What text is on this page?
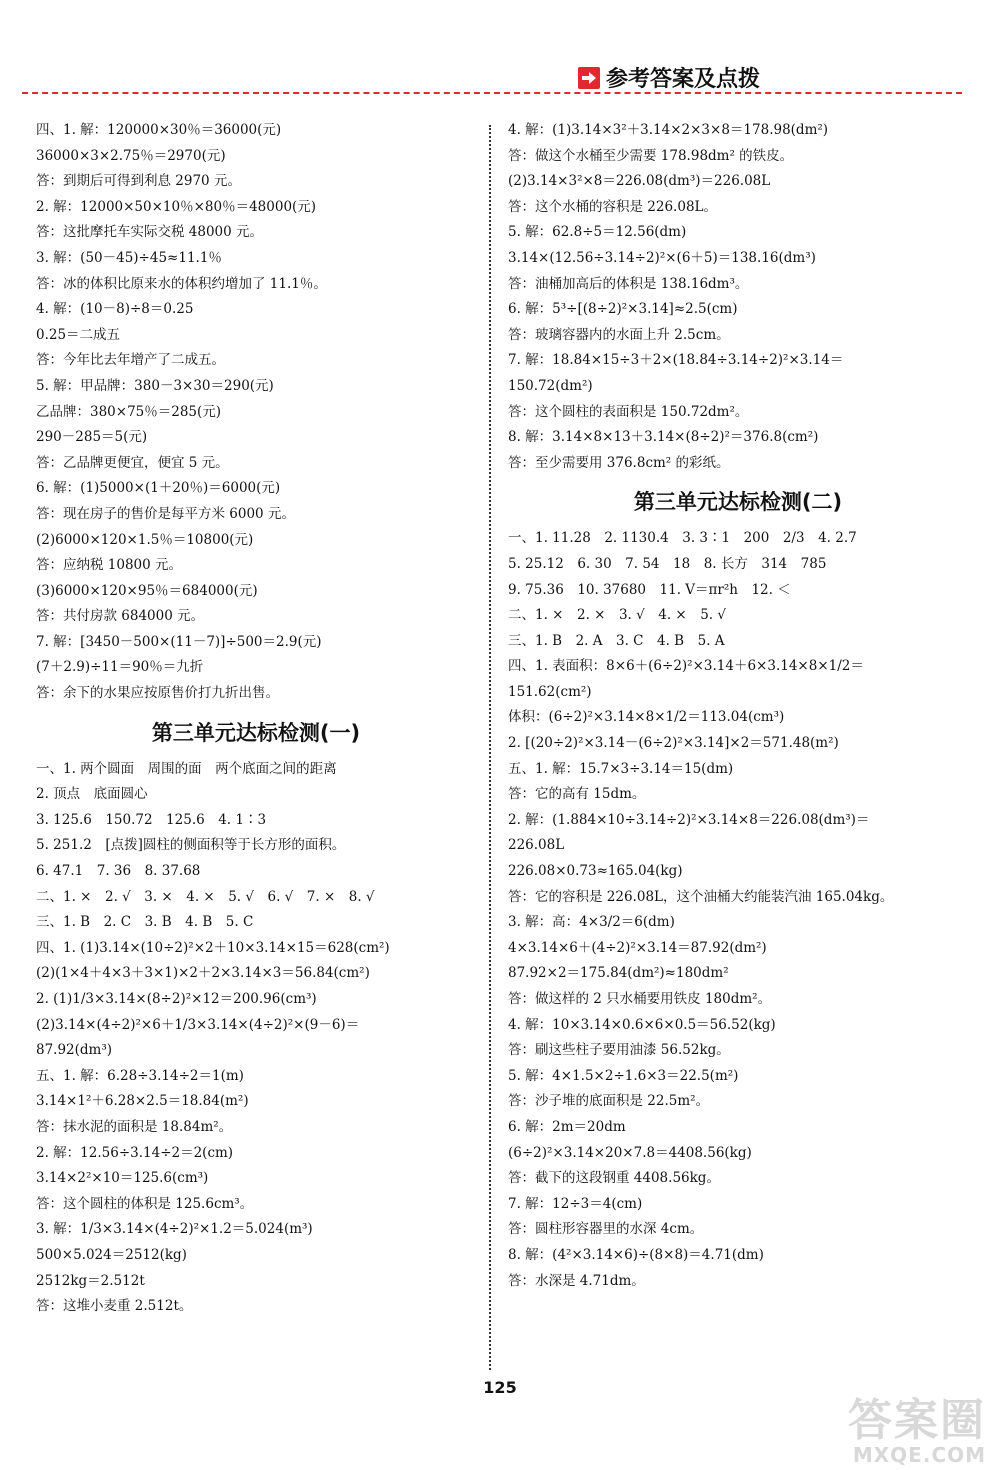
参考答案及点拨
四、1. 解：120000×30％＝36000(元)
36000×3×2.75％＝2970(元)
答：到期后可得到利息 2970 元。
2. 解：12000×50×10％×80％＝48000(元)
答：这批摩托车实际交税 48000 元。
3. 解：(50－45)÷45≈11.1％
答：冰的体积比原来水的体积约增加了 11.1％。
4. 解：(10－8)÷8＝0.25
0.25＝二成五
答：今年比去年增产了二成五。
5. 解：甲品牌：380－3×30＝290(元)
乙品牌：380×75％＝285(元)
290－285＝5(元)
答：乙品牌更便宜，便宜 5 元。
6. 解：(1)5000×(1＋20％)＝6000(元)
答：现在房子的售价是每平方米 6000 元。
(2)6000×120×1.5％＝10800(元)
答：应纳税 10800 元。
(3)6000×120×95％＝684000(元)
答：共付房款 684000 元。
7. 解：[3450－500×(11－7)]÷500＝2.9(元)
(7＋2.9)÷11＝90％＝九折
答：余下的水果应按原售价打九折出售。
第三单元达标检测(一)
一、1. 两个圆面　周围的面　两个底面之间的距离
2. 顶点　底面圆心
3. 125.6　150.72　125.6　4. 1∶3
5. 251.2　[点拨]圆柱的侧面积等于长方形的面积。
6. 47.1　7. 36　8. 37.68
二、1. ×　2. √　3. ×　4. ×　5. √　6. √　7. ×　8. √
三、1. B　2. C　3. B　4. B　5. C
四、1. (1)3.14×(10÷2)²×2＋10×3.14×15＝628(cm²)
(2)(1×4＋4×3＋3×1)×2＋2×3.14×3＝56.84(cm²)
2. (1)1/3×3.14×(8÷2)²×12＝200.96(cm³)
(2)3.14×(4÷2)²×6＋1/3×3.14×(4÷2)²×(9－6)＝
87.92(dm³)
五、1. 解：6.28÷3.14÷2＝1(m)
3.14×1²＋6.28×2.5＝18.84(m²)
答：抹水泥的面积是 18.84m²。
2. 解：12.56÷3.14÷2＝2(cm)
3.14×2²×10＝125.6(cm³)
答：这个圆柱的体积是 125.6cm³。
3. 解：1/3×3.14×(4÷2)²×1.2＝5.024(m³)
500×5.024＝2512(kg)
2512kg＝2.512t
答：这堆小麦重 2.512t。
4. 解：(1)3.14×3²＋3.14×2×3×8＝178.98(dm²)
答：做这个水桶至少需要 178.98dm² 的铁皮。
(2)3.14×3²×8＝226.08(dm³)＝226.08L
答：这个水桶的容积是 226.08L。
5. 解：62.8÷5＝12.56(dm)
3.14×(12.56÷3.14÷2)²×(6＋5)＝138.16(dm³)
答：油桶加高后的体积是 138.16dm³。
6. 解：5³÷[(8÷2)²×3.14]≈2.5(cm)
答：玻璃容器内的水面上升 2.5cm。
7. 解：18.84×15÷3＋2×(18.84÷3.14÷2)²×3.14＝
150.72(dm²)
答：这个圆柱的表面积是 150.72dm²。
8. 解：3.14×8×13＋3.14×(8÷2)²＝376.8(cm²)
答：至少需要用 376.8cm² 的彩纸。
第三单元达标检测(二)
一、1. 11.28　2. 1130.4　3. 3∶1　200　2/3　4. 2.7
5. 25.12　6. 30　7. 54　18　8. 长方　314　785
9. 75.36　10. 37680　11. V＝πr²h　12. ＜
二、1. ×　2. ×　3. √　4. ×　5. √
三、1. B　2. A　3. C　4. B　5. A
四、1. 表面积：8×6＋(6÷2)²×3.14＋6×3.14×8×1/2＝
151.62(cm²)
体积：(6÷2)²×3.14×8×1/2＝113.04(cm³)
2. [(20÷2)²×3.14－(6÷2)²×3.14]×2＝571.48(m²)
五、1. 解：15.7×3÷3.14＝15(dm)
答：它的高有 15dm。
2. 解：(1.884×10÷3.14÷2)²×3.14×8＝226.08(dm³)＝
226.08L
226.08×0.73≈165.04(kg)
答：它的容积是 226.08L，这个油桶大约能装汽油 165.04kg。
3. 解：高：4×3/2＝6(dm)
4×3.14×6＋(4÷2)²×3.14＝87.92(dm²)
87.92×2＝175.84(dm²)≈180dm²
答：做这样的 2 只水桶要用铁皮 180dm²。
4. 解：10×3.14×0.6×6×0.5＝56.52(kg)
答：刷这些柱子要用油漆 56.52kg。
5. 解：4×1.5×2÷1.6×3＝22.5(m²)
答：沙子堆的底面积是 22.5m²。
6. 解：2m＝20dm
(6÷2)²×3.14×20×7.8＝4408.56(kg)
答：截下的这段钢重 4408.56kg。
7. 解：12÷3＝4(cm)
答：圆柱形容器里的水深 4cm。
8. 解：(4²×3.14×6)÷(8×8)＝4.71(dm)
答：水深是 4.71dm。
125
答案圈
MXQE.COM
